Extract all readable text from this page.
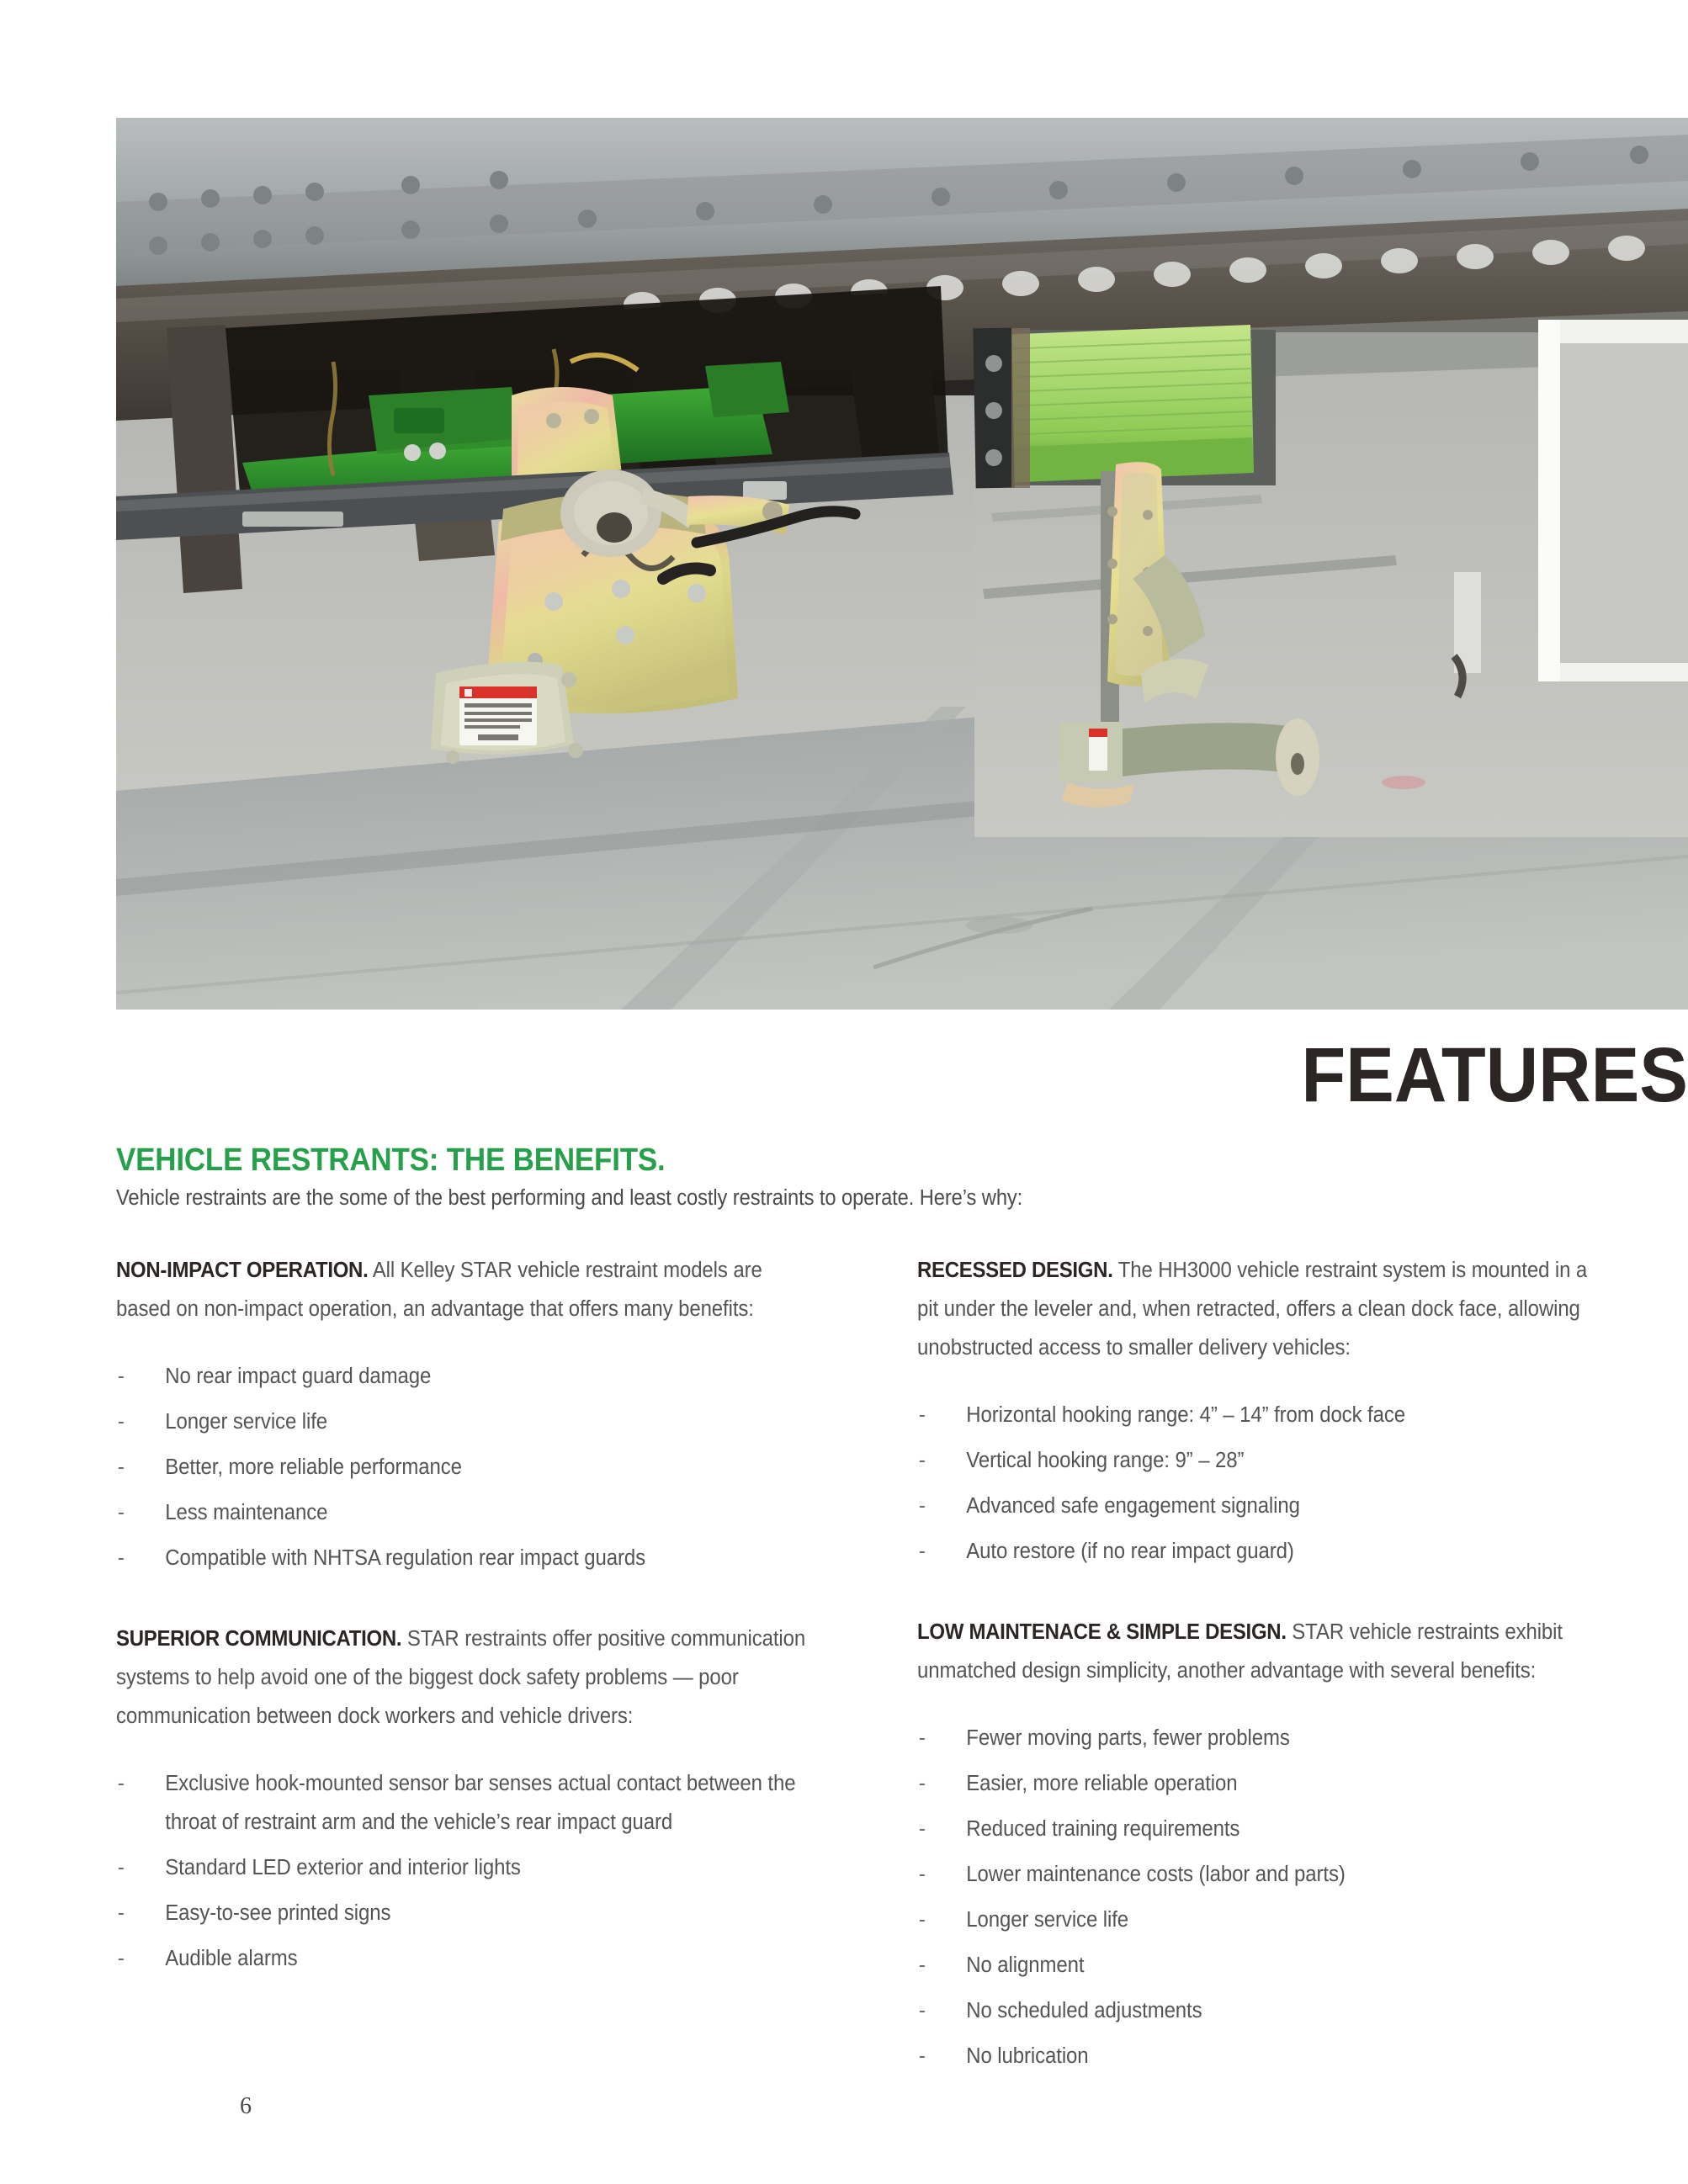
FEATURES
VEHICLE RESTRANTS: THE BENEFITS.
Vehicle restraints are the some of the best performing and least costly restraints to operate. Here’s why:

NON-IMPACT OPERATION. All Kelley STAR vehicle restraint models are based on non-impact operation, an advantage that offers many benefits:

- No rear impact guard damage
- Longer service life
- Better, more reliable performance
- Less maintenance
- Compatible with NHTSA regulation rear impact guards

SUPERIOR COMMUNICATION. STAR restraints offer positive communication systems to help avoid one of the biggest dock safety problems — poor communication between dock workers and vehicle drivers:

- Exclusive hook-mounted sensor bar senses actual contact between the throat of restraint arm and the vehicle’s rear impact guard
- Standard LED exterior and interior lights
- Easy-to-see printed signs
- Audible alarms

RECESSED DESIGN. The HH3000 vehicle restraint system is mounted in a pit under the leveler and, when retracted, offers a clean dock face, allowing unobstructed access to smaller delivery vehicles:

- Horizontal hooking range: 4” – 14” from dock face
- Vertical hooking range: 9” – 28”
- Advanced safe engagement signaling
- Auto restore (if no rear impact guard)

LOW MAINTENACE & SIMPLE DESIGN. STAR vehicle restraints exhibit unmatched design simplicity, another advantage with several benefits:

- Fewer moving parts, fewer problems
- Easier, more reliable operation
- Reduced training requirements
- Lower maintenance costs (labor and parts)
- Longer service life
- No alignment
- No scheduled adjustments
- No lubrication
6
